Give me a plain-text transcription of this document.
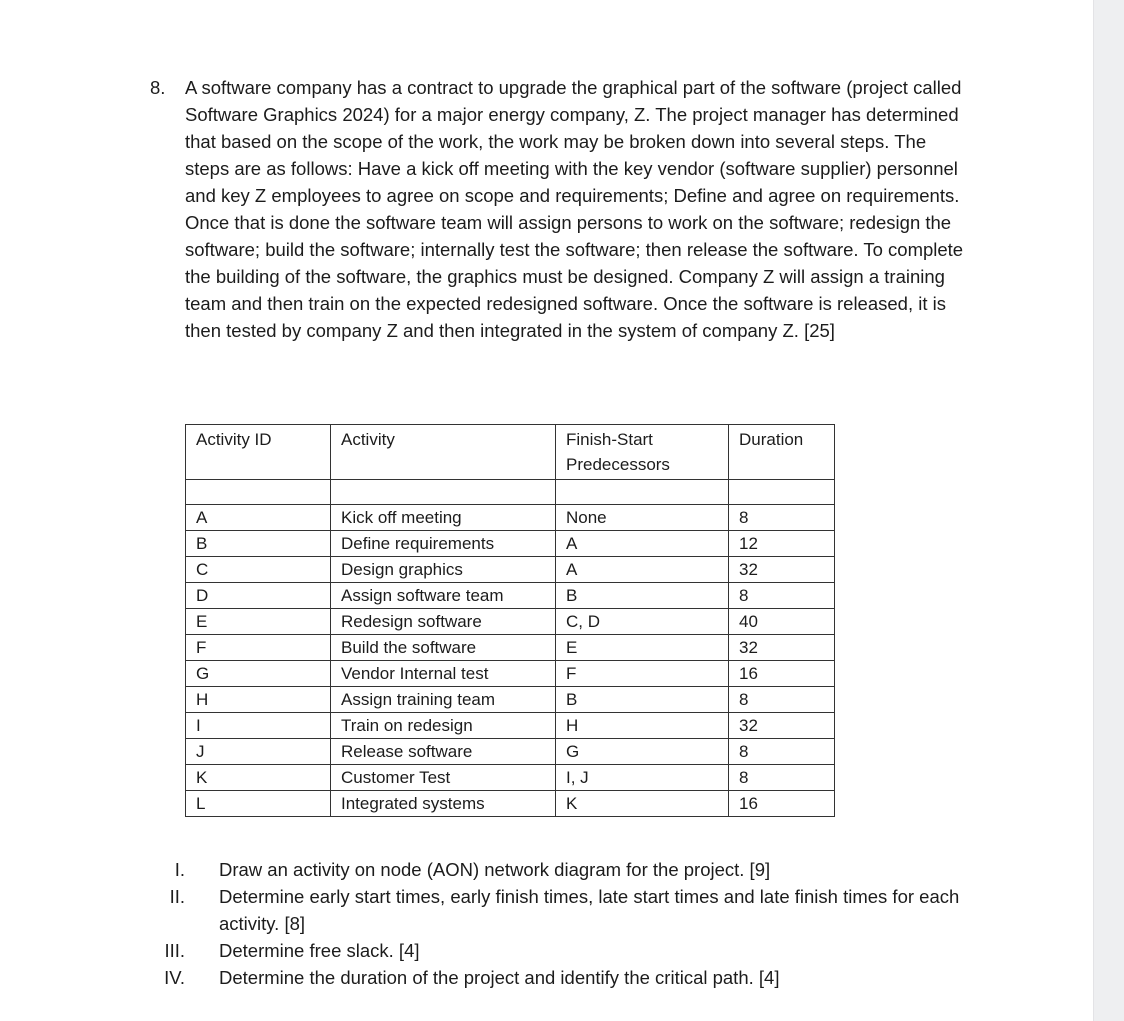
8. A software company has a contract to upgrade the graphical part of the software (project called Software Graphics 2024) for a major energy company, Z. The project manager has determined that based on the scope of the work, the work may be broken down into several steps. The steps are as follows: Have a kick off meeting with the key vendor (software supplier) personnel and key Z employees to agree on scope and requirements; Define and agree on requirements. Once that is done the software team will assign persons to work on the software; redesign the software; build the software; internally test the software; then release the software. To complete the building of the software, the graphics must be designed. Company Z will assign a training team and then train on the expected redesigned software. Once the software is released, it is then tested by company Z and then integrated in the system of company Z. [25]

Activity ID	Activity	Finish-Start Predecessors	Duration

A	Kick off meeting	None	8
B	Define requirements	A	12
C	Design graphics	A	32
D	Assign software team	B	8
E	Redesign software	C, D	40
F	Build the software	E	32
G	Vendor Internal test	F	16
H	Assign training team	B	8
I	Train on redesign	H	32
J	Release software	G	8
K	Customer Test	I, J	8
L	Integrated systems	K	16
I. Draw an activity on node (AON) network diagram for the project. [9]
II. Determine early start times, early finish times, late start times and late finish times for each activity. [8]
III. Determine free slack. [4]
IV. Determine the duration of the project and identify the critical path. [4]
